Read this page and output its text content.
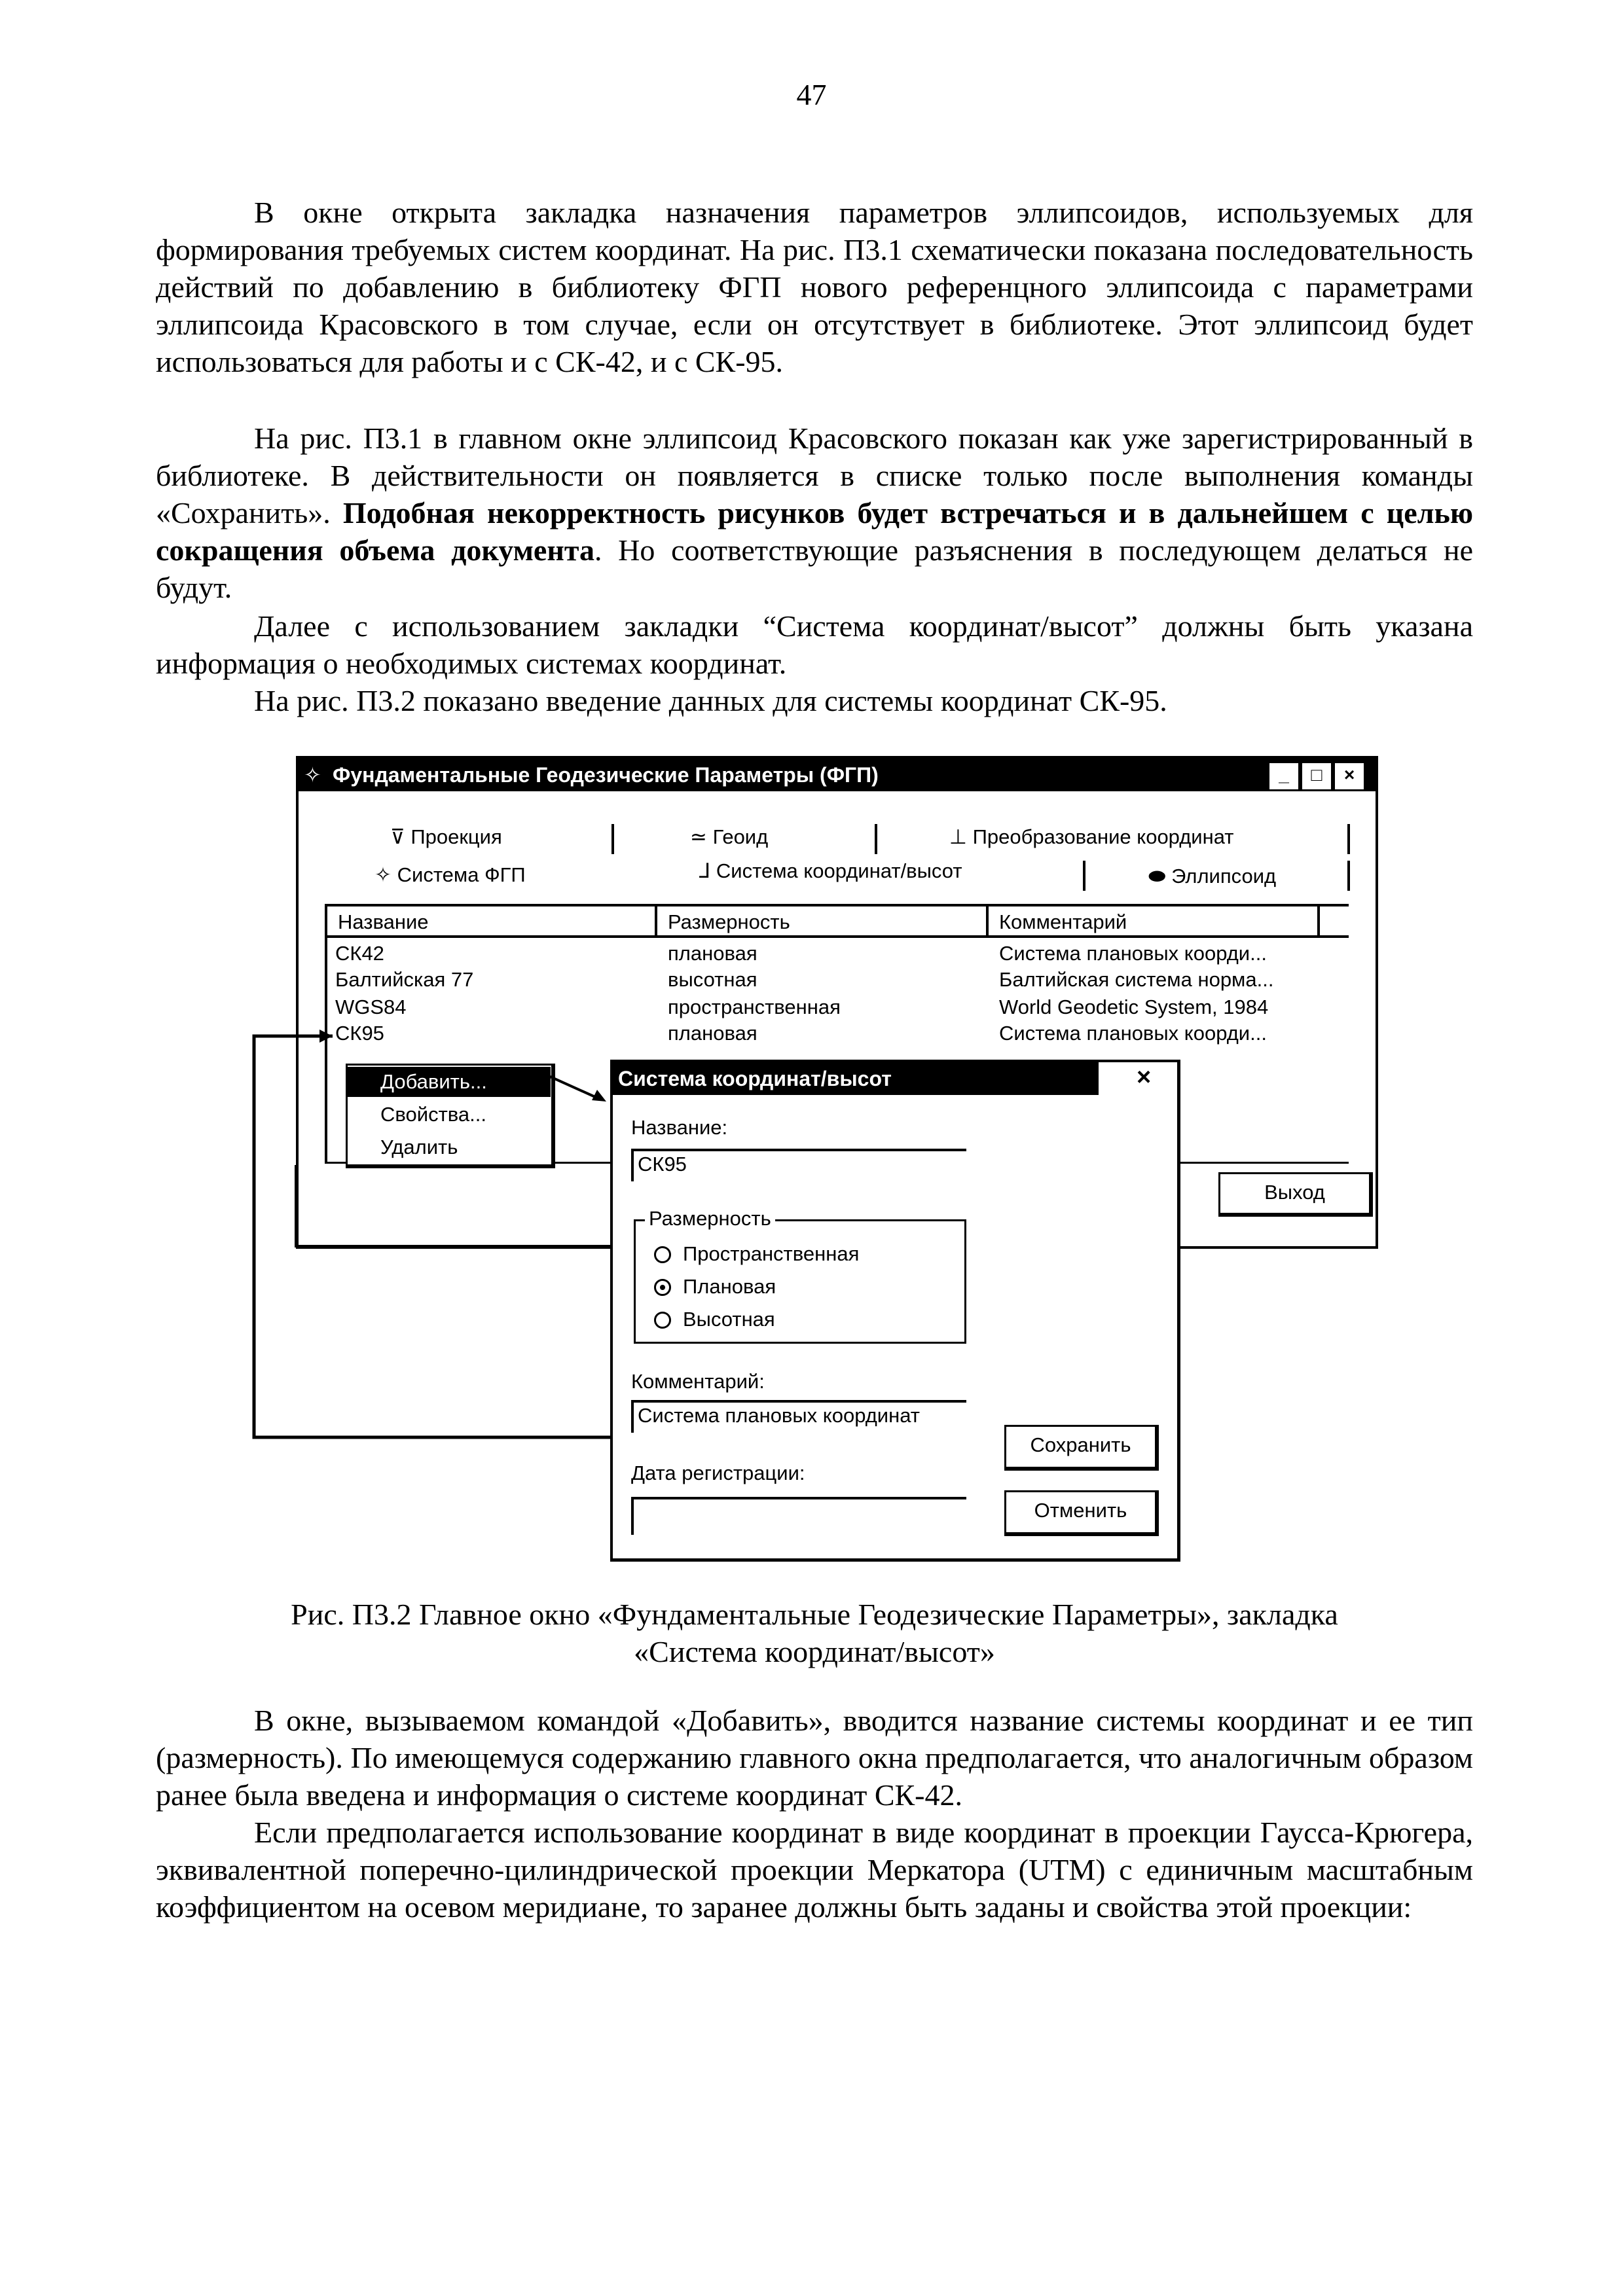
47

В окне открыта закладка назначения параметров эллипсоидов, используемых для формирования требуемых систем координат. На рис. П3.1 схематически показана последовательность действий по добавлению в библиотеку ФГП нового референцного эллипсоида с параметрами эллипсоида Красовского в том случае, если он отсутствует в библиотеке. Этот эллипсоид будет использоваться для работы и с СК-42, и с СК-95.

На рис. П3.1 в главном окне эллипсоид Красовского показан как уже зарегистрированный в библиотеке. В действительности он появляется в списке только после выполнения команды «Сохранить». Подобная некорректность рисунков будет встречаться и в дальнейшем с целью сокращения объема документа. Но соответствующие разъяснения в последующем делаться не будут.

Далее с использованием закладки “Система координат/высот” должны быть указана информация о необходимых системах координат.

На рис. П3.2 показано введение данных для системы координат СК-95.

✧ Фундаментальные Геодезические Параметры (ФГП)	_	□	×
⊽ Проекция	≃ Геоид	⊥ Преобразование координат
✧ Система ФГП	⅃ Система координат/высот	⬬ Эллипсоид
Название	Размерность	Комментарий
СК42	плановая	Система плановых коорди...
Балтийская 77	высотная	Балтийская система норма...
WGS84	пространственная	World Geodetic System, 1984
СК95	плановая	Система плановых коорди...
Выход
Добавить...
Свойства...
Удалить
Система координат/высот	×
Название:
СК95
Размерность
Пространственная
Плановая
Высотная
Комментарий:
Система плановых координат
Сохранить
Дата регистрации:
Отменить
Рис. П3.2 Главное окно «Фундаментальные Геодезические Параметры», закладка
«Система координат/высот»

В окне, вызываемом командой «Добавить», вводится название системы координат и ее тип (размерность). По имеющемуся содержанию главного окна предполагается, что аналогичным образом ранее была введена и информация о системе координат СК-42.

Если предполагается использование координат в виде координат в проекции Гаусса-Крюгера, эквивалентной поперечно-цилиндрической проекции Меркатора (UTM) с единичным масштабным коэффициентом на осевом меридиане, то заранее должны быть заданы и свойства этой проекции:
